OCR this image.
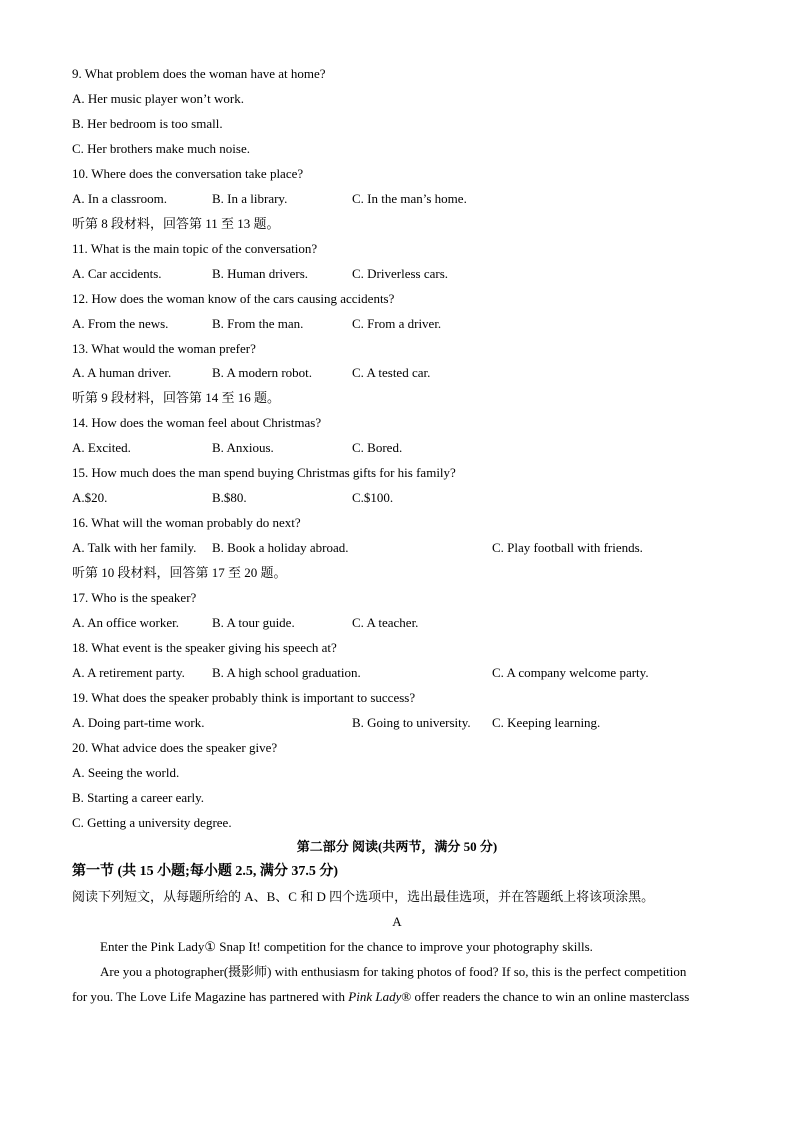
9. What problem does the woman have at home?
A. Her music player won’t work.
B. Her bedroom is too small.
C. Her brothers make much noise.
10. Where does the conversation take place?
A. In a classroom.	B. In a library.	C. In the man’s home.
听第 8 段材料，回答第 11 至 13 题。
11. What is the main topic of the conversation?
A. Car accidents.	B. Human drivers.	C. Driverless cars.
12. How does the woman know of the cars causing accidents?
A. From the news.	B. From the man.	C. From a driver.
13. What would the woman prefer?
A. A human driver.	B. A modern robot.	C. A tested car.
听第 9 段材料，回答第 14 至 16 题。
14. How does the woman feel about Christmas?
A. Excited.	B. Anxious.	C. Bored.
15. How much does the man spend buying Christmas gifts for his family?
A.$20.	B.$80.	C.$100.
16. What will the woman probably do next?
A. Talk with her family. B. Book a holiday abroad.	C. Play football with friends.
听第 10 段材料，回答第 17 至 20 题。
17. Who is the speaker?
A. An office worker.	B. A tour guide.	C. A teacher.
18. What event is the speaker giving his speech at?
A. A retirement party. B. A high school graduation.	C. A company welcome party.
19. What does the speaker probably think is important to success?
A. Doing part-time work.	B. Going to university. C. Keeping learning.
20. What advice does the speaker give?
A. Seeing the world.
B. Starting a career early.
C. Getting a university degree.
第二部分 阅读(共两节，满分 50 分)
第一节 (共 15 小题;每小题 2.5, 满分 37.5 分)
阅读下列短文，从每题所给的 A、B、C 和 D 四个选项中，选出最佳选项，并在答题纸上将该项涂黑。
A
Enter the Pink Lady① Snap It! competition for the chance to improve your photography skills.
Are you a photographer(摄影师) with enthusiasm for taking photos of food? If so, this is the perfect competition
for you. The Love Life Magazine has partnered with Pink Lady® offer readers the chance to win an online masterclass
